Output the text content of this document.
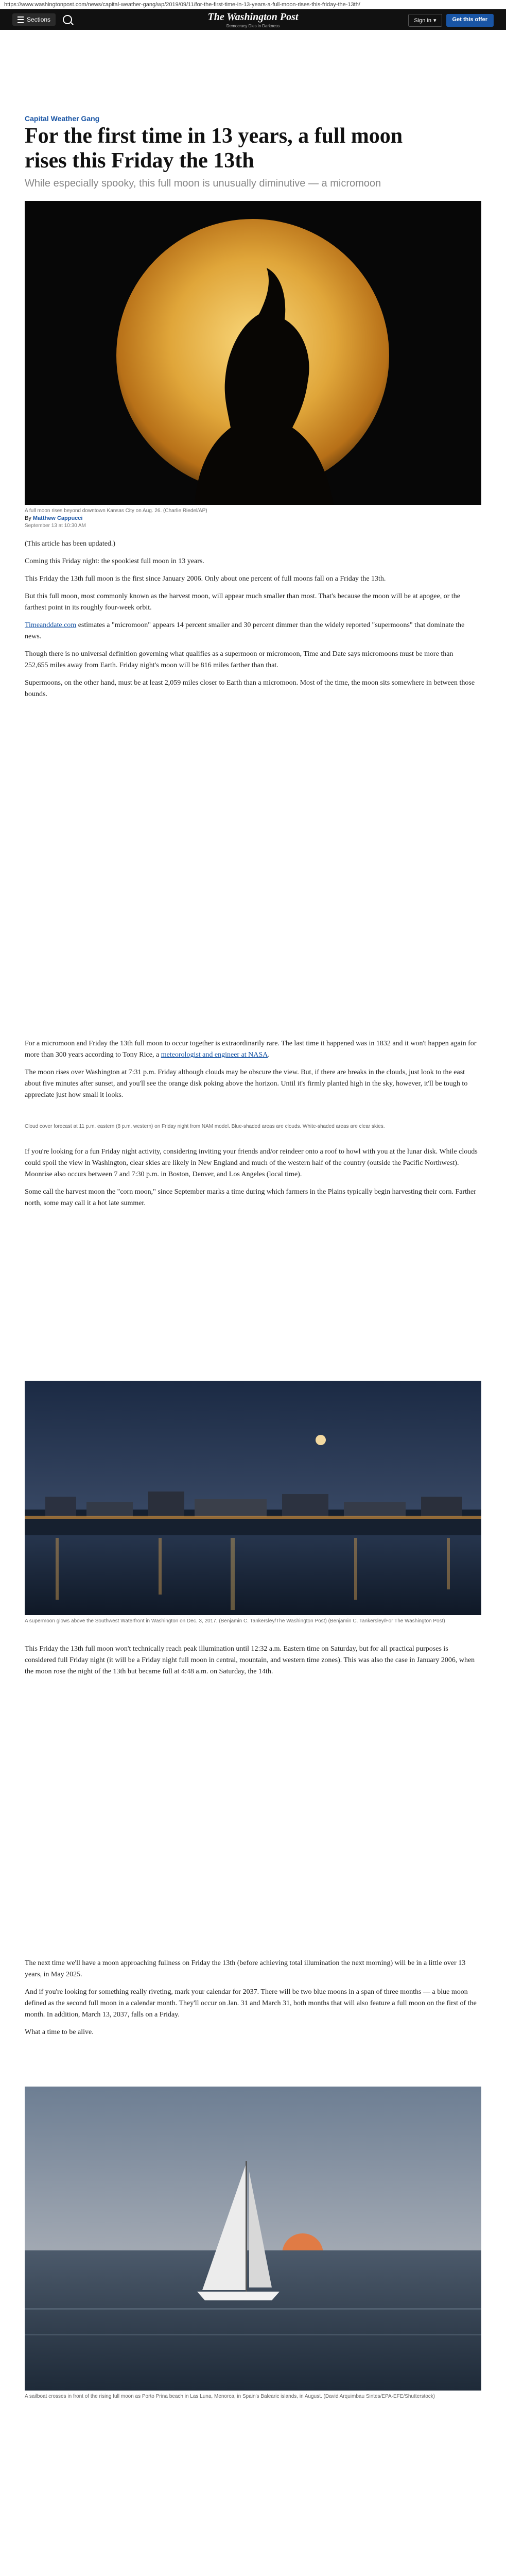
https://www.washingtonpost.com/news/capital-weather-gang/wp/2019/09/11/for-the-first-time-in-13-years-a-full-moon-rises-this-friday-the-13th/
Sections	The Washington Post
Democracy Dies in Darkness
Sign in ▾	Get this offer
Capital Weather Gang
For the first time in 13 years, a full moon rises this Friday the 13th
While especially spooky, this full moon is unusually diminutive — a micromoon
A full moon rises beyond downtown Kansas City on Aug. 26. (Charlie Riedel/AP)
By Matthew Cappucci
September 13 at 10:30 AM

(This article has been updated.)

Coming this Friday night: the spookiest full moon in 13 years.

This Friday the 13th full moon is the first since January 2006. Only about one percent of full moons fall on a Friday the 13th.

But this full moon, most commonly known as the harvest moon, will appear much smaller than most. That's because the moon will be at apogee, or the farthest point in its roughly four-week orbit.

Timeanddate.com estimates a "micromoon" appears 14 percent smaller and 30 percent dimmer than the widely reported "supermoons" that dominate the news.

Though there is no universal definition governing what qualifies as a supermoon or micromoon, Time and Date says micromoons must be more than 252,655 miles away from Earth. Friday night's moon will be 816 miles farther than that.

Supermoons, on the other hand, must be at least 2,059 miles closer to Earth than a micromoon. Most of the time, the moon sits somewhere in between those bounds.

For a micromoon and Friday the 13th full moon to occur together is extraordinarily rare. The last time it happened was in 1832 and it won't happen again for more than 300 years according to Tony Rice, a meteorologist and engineer at NASA.

The moon rises over Washington at 7:31 p.m. Friday although clouds may be obscure the view. But, if there are breaks in the clouds, just look to the east about five minutes after sunset, and you'll see the orange disk poking above the horizon. Until it's firmly planted high in the sky, however, it'll be tough to appreciate just how small it looks.

Cloud cover forecast at 11 p.m. eastern (8 p.m. western) on Friday night from NAM model. Blue-shaded areas are clouds. White-shaded areas are clear skies.

If you're looking for a fun Friday night activity, considering inviting your friends and/or reindeer onto a roof to howl with you at the lunar disk. While clouds could spoil the view in Washington, clear skies are likely in New England and much of the western half of the country (outside the Pacific Northwest). Moonrise also occurs between 7 and 7:30 p.m. in Boston, Denver, and Los Angeles (local time).

Some call the harvest moon the "corn moon," since September marks a time during which farmers in the Plains typically begin harvesting their corn. Farther north, some may call it a hot late summer.

A supermoon glows above the Southwest Waterfront in Washington on Dec. 3, 2017. (Benjamin C. Tankersley/The Washington Post) (Benjamin C. Tankersley/For The Washington Post)

This Friday the 13th full moon won't technically reach peak illumination until 12:32 a.m. Eastern time on Saturday, but for all practical purposes is considered full Friday night (it will be a Friday night full moon in central, mountain, and western time zones). This was also the case in January 2006, when the moon rose the night of the 13th but became full at 4:48 a.m. on Saturday, the 14th.

The next time we'll have a moon approaching fullness on Friday the 13th (before achieving total illumination the next morning) will be in a little over 13 years, in May 2025.

And if you're looking for something really riveting, mark your calendar for 2037. There will be two blue moons in a span of three months — a blue moon defined as the second full moon in a calendar month. They'll occur on Jan. 31 and March 31, both months that will also feature a full moon on the first of the month. In addition, March 13, 2037, falls on a Friday.

What a time to be alive.

A sailboat crosses in front of the rising full moon as Porto Prina beach in Las Luna, Menorca, in Spain's Balearic islands, in August. (David Arquimbau Sintes/EPA-EFE/Shutterstock)
